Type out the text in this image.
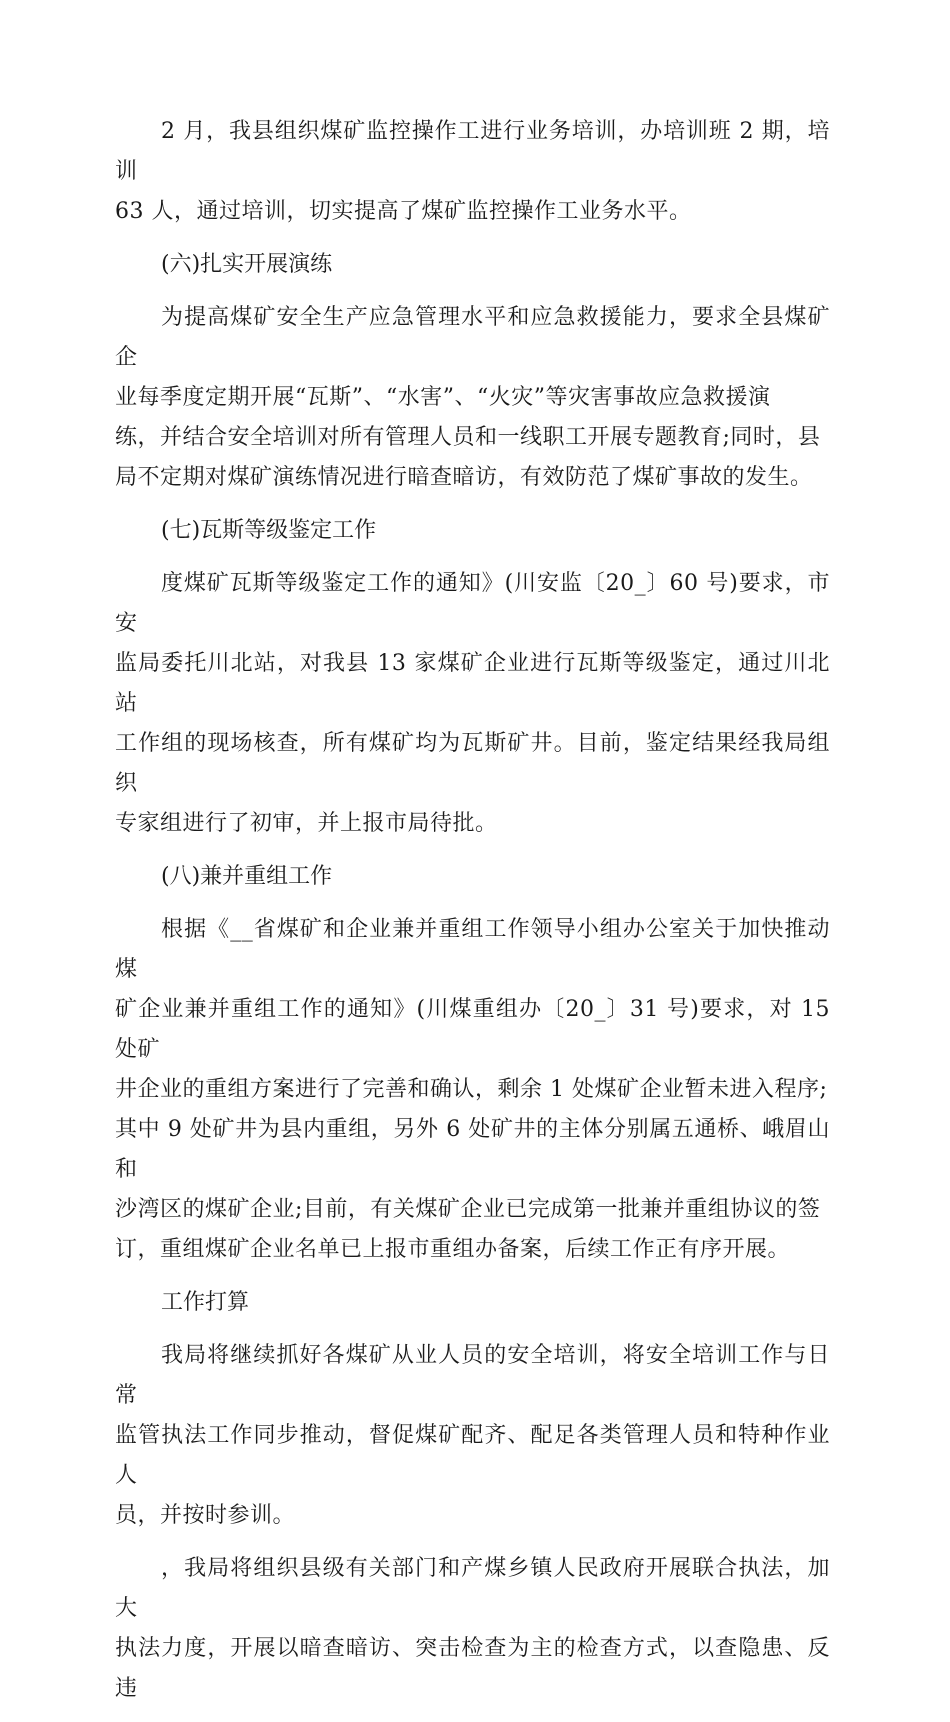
2 月，我县组织煤矿监控操作工进行业务培训，办培训班 2 期，培训
63 人，通过培训，切实提高了煤矿监控操作工业务水平。

(六)扎实开展演练

为提高煤矿安全生产应急管理水平和应急救援能力，要求全县煤矿企
业每季度定期开展“瓦斯”、“水害”、“火灾”等灾害事故应急救援演
练，并结合安全培训对所有管理人员和一线职工开展专题教育;同时，县
局不定期对煤矿演练情况进行暗查暗访，有效防范了煤矿事故的发生。

(七)瓦斯等级鉴定工作

度煤矿瓦斯等级鉴定工作的通知》(川安监〔20_〕60 号)要求，市安
监局委托川北站，对我县 13 家煤矿企业进行瓦斯等级鉴定，通过川北站
工作组的现场核查，所有煤矿均为瓦斯矿井。目前，鉴定结果经我局组织
专家组进行了初审，并上报市局待批。

(八)兼并重组工作

根据《__省煤矿和企业兼并重组工作领导小组办公室关于加快推动煤
矿企业兼并重组工作的通知》(川煤重组办〔20_〕31 号)要求，对 15 处矿
井企业的重组方案进行了完善和确认，剩余 1 处煤矿企业暂未进入程序;
其中 9 处矿井为县内重组，另外 6 处矿井的主体分别属五通桥、峨眉山和
沙湾区的煤矿企业;目前，有关煤矿企业已完成第一批兼并重组协议的签
订，重组煤矿企业名单已上报市重组办备案，后续工作正有序开展。

工作打算

我局将继续抓好各煤矿从业人员的安全培训，将安全培训工作与日常
监管执法工作同步推动，督促煤矿配齐、配足各类管理人员和特种作业人
员，并按时参训。

，我局将组织县级有关部门和产煤乡镇人民政府开展联合执法，加大
执法力度，开展以暗查暗访、突击检查为主的检查方式，以查隐患、反违
